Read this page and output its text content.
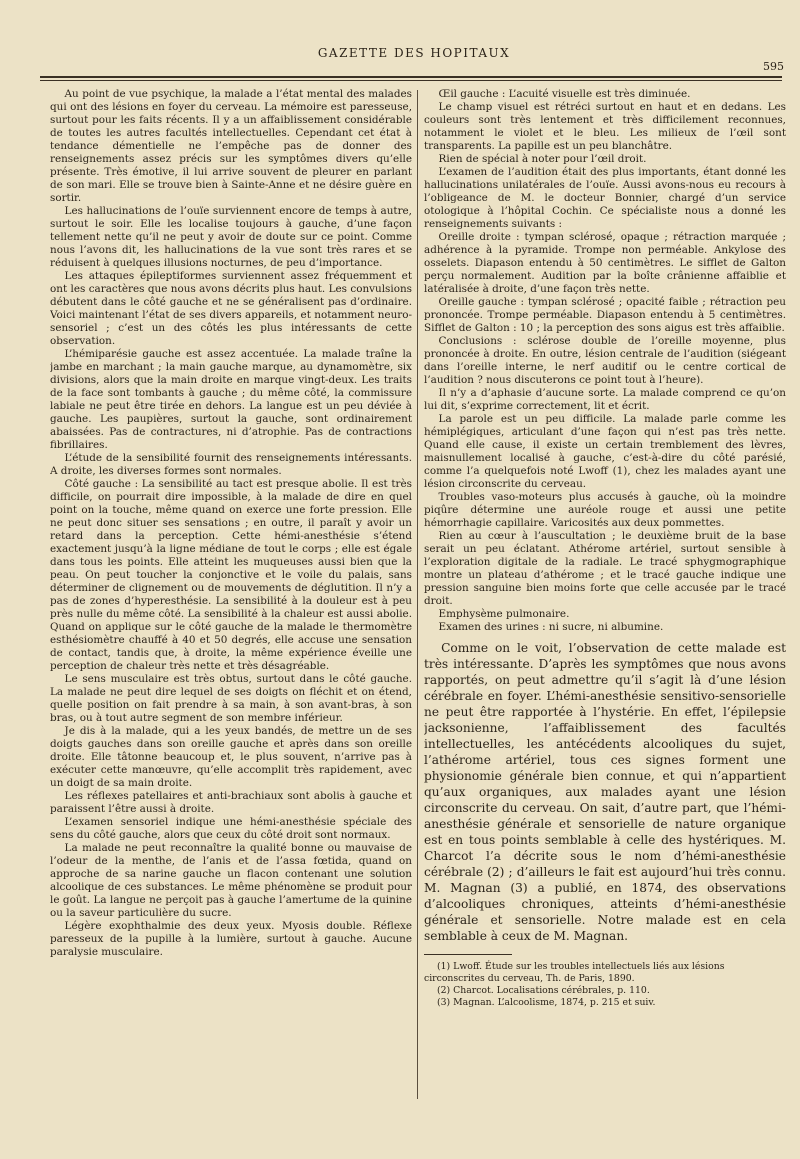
GAZETTE DES HOPITAUX
595

Au point de vue psychique, la malade a l’état mental des malades qui ont des lésions en foyer du cerveau. La mémoire est paresseuse, surtout pour les faits récents. Il y a un affaiblissement considérable de toutes les autres facultés intellectuelles. Cependant cet état à tendance démentielle ne l’empêche pas de donner des renseignements assez précis sur les symptômes divers qu’elle présente. Très émotive, il lui arrive souvent de pleurer en parlant de son mari. Elle se trouve bien à Sainte-Anne et ne désire guère en sortir.

Les hallucinations de l’ouïe surviennent encore de temps à autre, surtout le soir. Elle les localise toujours à gauche, d’une façon tellement nette qu’il ne peut y avoir de doute sur ce point. Comme nous l’avons dit, les hallucinations de la vue sont très rares et se réduisent à quelques illusions nocturnes, de peu d’importance.

Les attaques épileptiformes surviennent assez fréquemment et ont les caractères que nous avons décrits plus haut. Les convulsions débutent dans le côté gauche et ne se généralisent pas d’ordinaire. Voici maintenant l’état de ses divers appareils, et notamment neuro-sensoriel ; c’est un des côtés les plus intéressants de cette observation.

L’hémiparésie gauche est assez accentuée. La malade traîne la jambe en marchant ; la main gauche marque, au dynamomètre, six divisions, alors que la main droite en marque vingt-deux. Les traits de la face sont tombants à gauche ; du même côté, la commissure labiale ne peut être tirée en dehors. La langue est un peu déviée à gauche. Les paupières, surtout la gauche, sont ordinairement abaissées. Pas de contractures, ni d’atrophie. Pas de contractions fibrillaires.

L’étude de la sensibilité fournit des renseignements intéressants. A droite, les diverses formes sont normales.

Côté gauche : La sensibilité au tact est presque abolie. Il est très difficile, on pourrait dire impossible, à la malade de dire en quel point on la touche, même quand on exerce une forte pression. Elle ne peut donc situer ses sensations ; en outre, il paraît y avoir un retard dans la perception. Cette hémi-anesthésie s’étend exactement jusqu’à la ligne médiane de tout le corps ; elle est égale dans tous les points. Elle atteint les muqueuses aussi bien que la peau. On peut toucher la conjonctive et le voile du palais, sans déterminer de clignement ou de mouvements de déglutition. Il n’y a pas de zones d’hyperesthésie. La sensibilité à la douleur est à peu près nulle du même côté. La sensibilité à la chaleur est aussi abolie. Quand on applique sur le côté gauche de la malade le thermomètre esthésiomètre chauffé à 40 et 50 degrés, elle accuse une sensation de contact, tandis que, à droite, la même expérience éveille une perception de chaleur très nette et très désagréable.

Le sens musculaire est très obtus, surtout dans le côté gauche. La malade ne peut dire lequel de ses doigts on fléchit et on étend, quelle position on fait prendre à sa main, à son avant-bras, à son bras, ou à tout autre segment de son membre inférieur.

Je dis à la malade, qui a les yeux bandés, de mettre un de ses doigts gauches dans son oreille gauche et après dans son oreille droite. Elle tâtonne beaucoup et, le plus souvent, n’arrive pas à exécuter cette manœuvre, qu’elle accomplit très rapidement, avec un doigt de sa main droite.

Les réflexes patellaires et anti-brachiaux sont abolis à gauche et paraissent l’être aussi à droite.

L’examen sensoriel indique une hémi-anesthésie spéciale des sens du côté gauche, alors que ceux du côté droit sont normaux.

La malade ne peut reconnaître la qualité bonne ou mauvaise de l’odeur de la menthe, de l’anis et de l’assa fœtida, quand on approche de sa narine gauche un flacon contenant une solution alcoolique de ces substances. Le même phénomène se produit pour le goût. La langue ne perçoit pas à gauche l’amertume de la quinine ou la saveur particulière du sucre.

Légère exophthalmie des deux yeux. Myosis double. Réflexe paresseux de la pupille à la lumière, surtout à gauche. Aucune paralysie musculaire.

Œil gauche : L’acuité visuelle est très diminuée.

Le champ visuel est rétréci surtout en haut et en dedans. Les couleurs sont très lentement et très difficilement reconnues, notamment le violet et le bleu. Les milieux de l’œil sont transparents. La papille est un peu blanchâtre.

Rien de spécial à noter pour l’œil droit.

L’examen de l’audition était des plus importants, étant donné les hallucinations unilatérales de l’ouïe. Aussi avons-nous eu recours à l’obligeance de M. le docteur Bonnier, chargé d’un service otologique à l’hôpital Cochin. Ce spécialiste nous a donné les renseignements suivants :

Oreille droite : tympan sclérosé, opaque ; rétraction marquée ; adhérence à la pyramide. Trompe non perméable. Ankylose des osselets. Diapason entendu à 50 centimètres. Le sifflet de Galton perçu normalement. Audition par la boîte crânienne affaiblie et latéralisée à droite, d’une façon très nette.

Oreille gauche : tympan sclérosé ; opacité faible ; rétraction peu prononcée. Trompe perméable. Diapason entendu à 5 centimètres. Sifflet de Galton : 10 ; la perception des sons aigus est très affaiblie.

Conclusions : sclérose double de l’oreille moyenne, plus prononcée à droite. En outre, lésion centrale de l’audition (siégeant dans l’oreille interne, le nerf auditif ou le centre cortical de l’audition ? nous discuterons ce point tout à l’heure).

Il n’y a d’aphasie d’aucune sorte. La malade comprend ce qu’on lui dit, s’exprime correctement, lit et écrit.

La parole est un peu difficile. La malade parle comme les hémiplégiques, articulant d’une façon qui n’est pas très nette. Quand elle cause, il existe un certain tremblement des lèvres, maisnullement localisé à gauche, c’est-à-dire du côté parésié, comme l’a quelquefois noté Lwoff (1), chez les malades ayant une lésion circonscrite du cerveau.

Troubles vaso-moteurs plus accusés à gauche, où la moindre piqûre détermine une auréole rouge et aussi une petite hémorrhagie capillaire. Varicosités aux deux pommettes.

Rien au cœur à l’auscultation ; le deuxième bruit de la base serait un peu éclatant. Athérome artériel, surtout sensible à l’exploration digitale de la radiale. Le tracé sphygmographique montre un plateau d’athérome ; et le tracé gauche indique une pression sanguine bien moins forte que celle accusée par le tracé droit.

Emphysème pulmonaire.

Examen des urines : ni sucre, ni albumine.

Comme on le voit, l’observation de cette malade est très intéressante. D’après les symptômes que nous avons rapportés, on peut admettre qu’il s’agit là d’une lésion cérébrale en foyer. L’hémi-anesthésie sensitivo-sensorielle ne peut être rapportée à l’hystérie. En effet, l’épilepsie jacksonienne, l’affaiblissement des facultés intellectuelles, les antécédents alcooliques du sujet, l’athérome artériel, tous ces signes forment une physionomie générale bien connue, et qui n’appartient qu’aux organiques, aux malades ayant une lésion circonscrite du cerveau. On sait, d’autre part, que l’hémi-anesthésie générale et sensorielle de nature organique est en tous points semblable à celle des hystériques. M. Charcot l’a décrite sous le nom d’hémi-anesthésie cérébrale (2) ; d’ailleurs le fait est aujourd’hui très connu. M. Magnan (3) a publié, en 1874, des observations d’alcooliques chroniques, atteints d’hémi-anesthésie générale et sensorielle. Notre malade est en cela semblable à ceux de M. Magnan.

(1) Lwoff. Étude sur les troubles intellectuels liés aux lésions circonscrites du cerveau, Th. de Paris, 1890.

(2) Charcot. Localisations cérébrales, p. 110.

(3) Magnan. L’alcoolisme, 1874, p. 215 et suiv.
